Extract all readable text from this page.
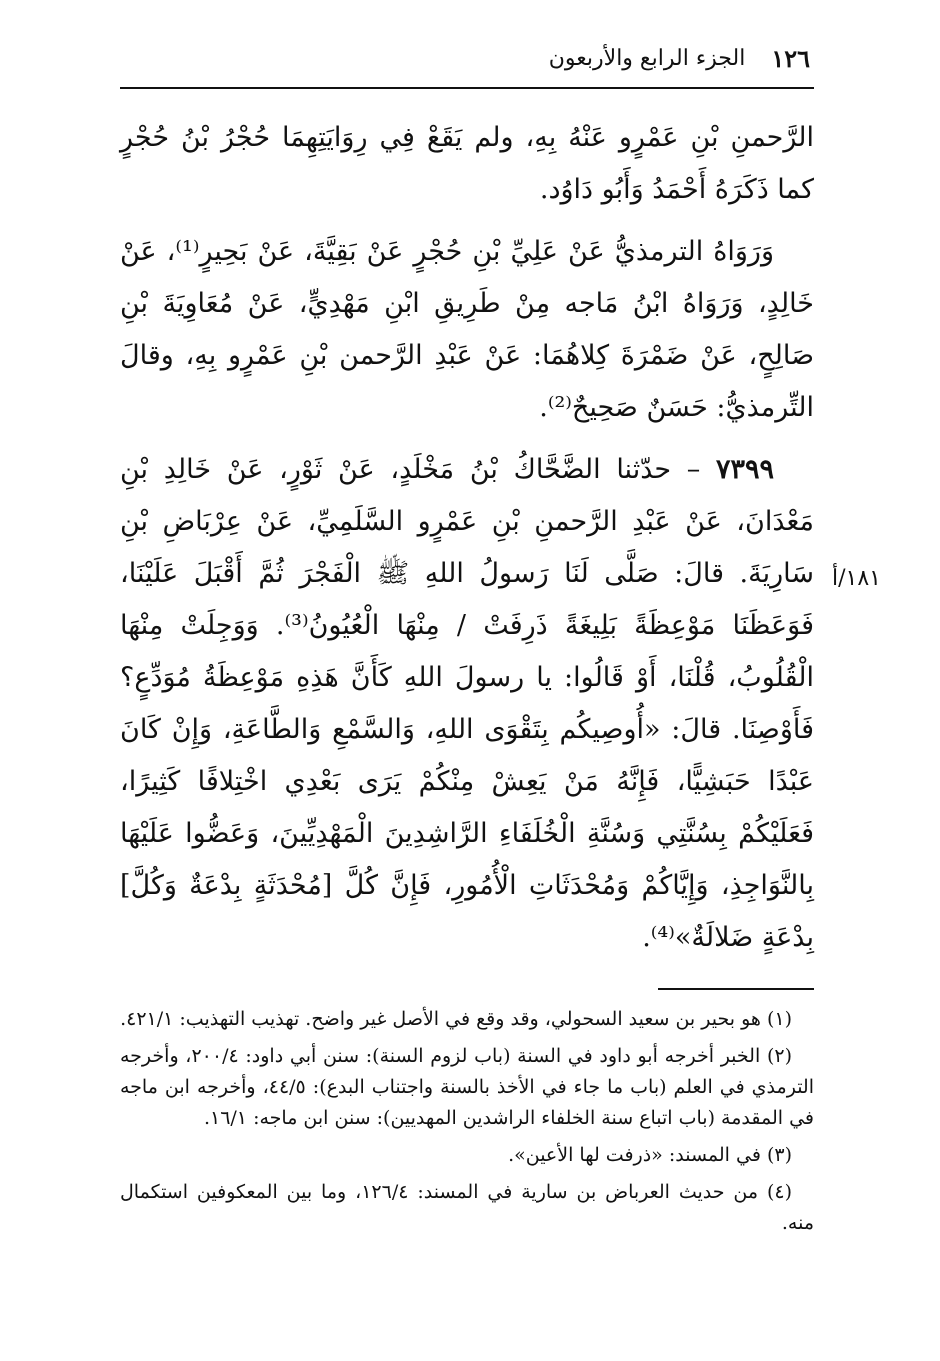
١٢٦
الجزء الرابع والأربعون

الرَّحمنِ بْنِ عَمْرٍو عَنْهُ بِهِ، ولم يَقَعْ فِي رِوَايَتِهِمَا حُجْرُ بْنُ حُجْرٍ كما ذَكَرَهُ أَحْمَدُ وَأَبُو دَاوُد.

وَرَوَاهُ الترمذيُّ عَنْ عَلِيِّ بْنِ حُجْرٍ عَنْ بَقِيَّةَ، عَنْ بَحِيرٍ⁽¹⁾، عَنْ خَالِدٍ، وَرَوَاهُ ابْنُ مَاجه مِنْ طَرِيقِ ابْنِ مَهْدِيٍّ، عَنْ مُعَاوِيَةَ بْنِ صَالِحٍ، عَنْ ضَمْرَةَ كِلاهُمَا: عَنْ عَبْدِ الرَّحمن بْنِ عَمْرٍو بِهِ، وقالَ التِّرمذيُّ: حَسَنٌ صَحِيحٌ⁽²⁾.

٧٣٩٩ – حدّثنا الضَّحَّاكُ بْنُ مَخْلَدٍ، عَنْ ثَوْرٍ، عَنْ خَالِدِ بْنِ مَعْدَانَ، عَنْ عَبْدِ الرَّحمنِ بْنِ عَمْرٍو السَّلَمِيِّ، عَنْ عِرْبَاضِ بْنِ سَارِيَةَ. قالَ: صَلَّى لَنَا رَسولُ اللهِ ﷺ الْفَجْرَ ثُمَّ أَقْبَلَ عَلَيْنَا، فَوَعَظَنَا مَوْعِظَةً بَلِيغَةً ذَرِفَتْ / مِنْهَا الْعُيُونُ⁽³⁾. وَوَجِلَتْ مِنْهَا الْقُلُوبُ، قُلْنَا، أَوْ قَالُوا: يا رسولَ اللهِ كَأَنَّ هَذِهِ مَوْعِظَةُ مُوَدِّعٍ؟ فَأَوْصِنَا. قالَ: «أُوصِيكُم بِتَقْوَى اللهِ، وَالسَّمْعِ وَالطَّاعَةِ، وَإِنْ كَانَ عَبْدًا حَبَشِيًّا، فَإِنَّهُ مَنْ يَعِشْ مِنْكُمْ يَرَى بَعْدِي اخْتِلافًا كَثِيرًا، فَعَلَيْكُمْ بِسُنَّتِي وَسُنَّةِ الْخُلَفَاءِ الرَّاشِدِينَ الْمَهْدِيِّينَ، وَعَضُّوا عَلَيْهَا بِالنَّوَاجِذِ، وَإِيَّاكُمْ وَمُحْدَثَاتِ الْأُمُورِ، فَإِنَّ كُلَّ [مُحْدَثَةٍ بِدْعَةٌ وَكُلَّ] بِدْعَةٍ ضَلالَةٌ»⁽⁴⁾.

١٨١/أ

(١) هو بحير بن سعيد السحولي، وقد وقع في الأصل غير واضح. تهذيب التهذيب: ٤٢١/١.

(٢) الخبر أخرجه أبو داود في السنة (باب لزوم السنة): سنن أبي داود: ٢٠٠/٤، وأخرجه الترمذي في العلم (باب ما جاء في الأخذ بالسنة واجتناب البدع): ٤٤/٥، وأخرجه ابن ماجه في المقدمة (باب اتباع سنة الخلفاء الراشدين المهديين): سنن ابن ماجه: ١٦/١.

(٣) في المسند: «ذرفت لها الأعين».

(٤) من حديث العرباض بن سارية في المسند: ١٢٦/٤، وما بين المعكوفين استكمال منه.
